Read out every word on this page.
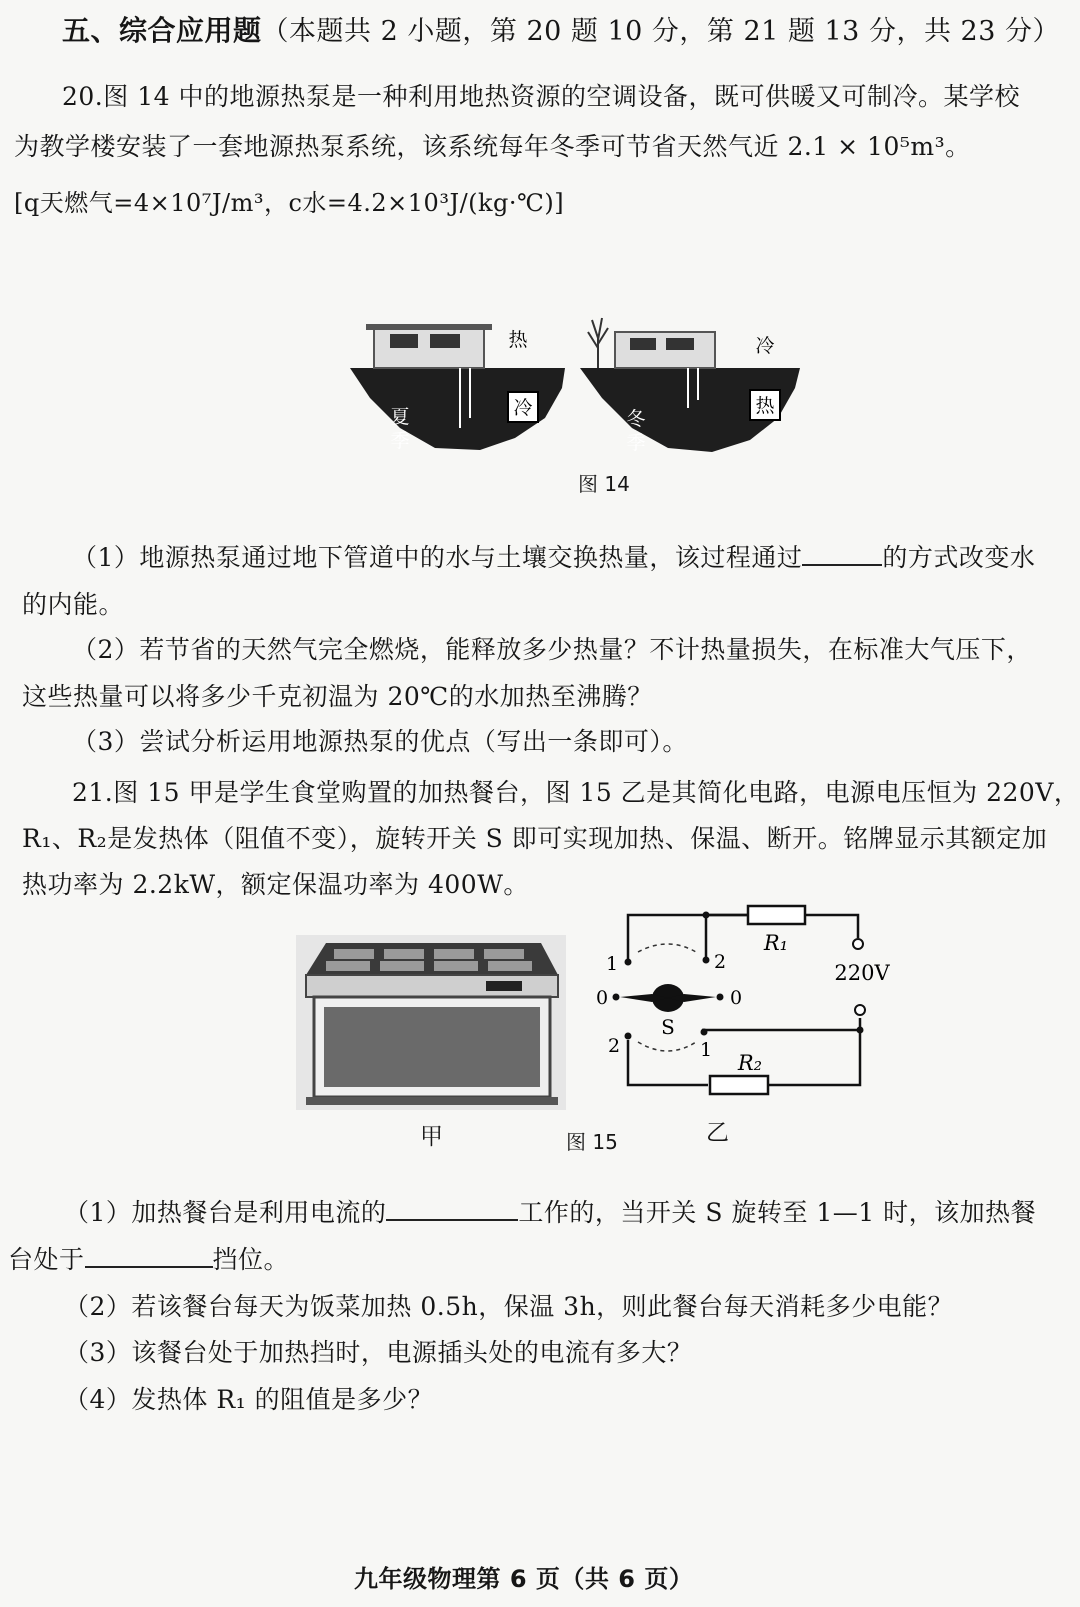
五、综合应用题（本题共 2 小题，第 20 题 10 分，第 21 题 13 分，共 23 分）
20.图 14 中的地源热泵是一种利用地热资源的空调设备，既可供暖又可制冷。某学校
为教学楼安装了一套地源热泵系统，该系统每年冬季可节省天然气近 2.1 × 10⁵m³。
[q天燃气=4×10⁷J/m³，c水=4.2×10³J/(kg·℃)]
冷
热
夏
季
热
冷
冬
季
图 14
（1）地源热泵通过地下管道中的水与土壤交换热量，该过程通过	的方式改变水
的内能。
（2）若节省的天然气完全燃烧，能释放多少热量？不计热量损失，在标准大气压下，
这些热量可以将多少千克初温为 20℃的水加热至沸腾？
（3）尝试分析运用地源热泵的优点（写出一条即可）。
21.图 15 甲是学生食堂购置的加热餐台，图 15 乙是其简化电路，电源电压恒为 220V，
R₁、R₂是发热体（阻值不变），旋转开关 S 即可实现加热、保温、断开。铭牌显示其额定加
热功率为 2.2kW，额定保温功率为 400W。
R₁
R₂
220V
S
1	2
0	0
2	1
甲	图 15	乙
（1）加热餐台是利用电流的	工作的，当开关 S 旋转至 1—1 时，该加热餐
台处于	挡位。
（2）若该餐台每天为饭菜加热 0.5h，保温 3h，则此餐台每天消耗多少电能？
（3）该餐台处于加热挡时，电源插头处的电流有多大？
（4）发热体 R₁ 的阻值是多少？
九年级物理第 6 页（共 6 页）
